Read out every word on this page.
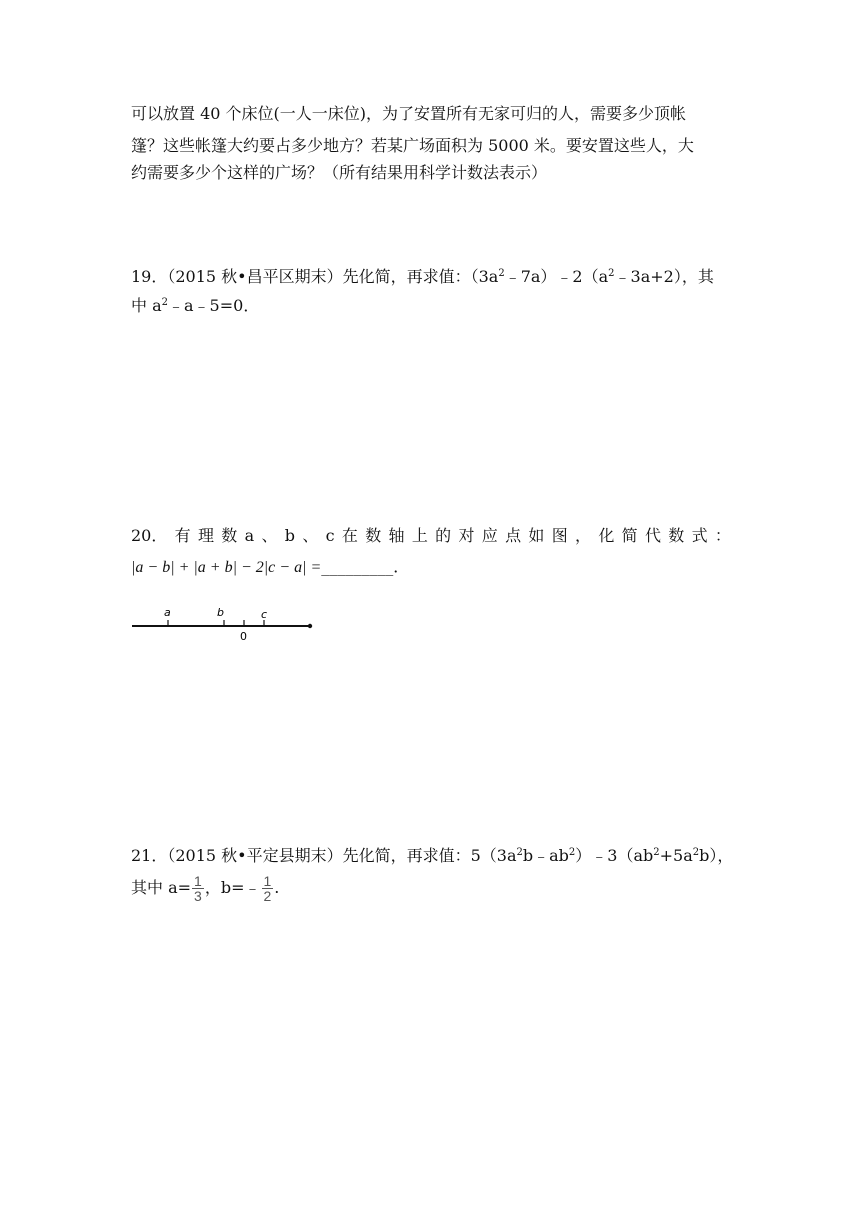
可以放置 40 个床位(一人一床位)，为了安置所有无家可归的人，需要多少顶帐
篷？这些帐篷大约要占多少地方？若某广场面积为 5000 米。要安置这些人，大
约需要多少个这样的广场？（所有结果用科学计数法表示）
19．（2015 秋•昌平区期末）先化简，再求值：$(3a^2﹣7a)﹣2(a^2﹣3a+2)$，其
中 $a^2﹣a﹣5=0$．
20． 有 理 数 a 、 b 、 c 在 数 轴 上 的 对 应 点 如 图 ， 化 简 代 数 式 ：
|a − b| + |a + b| − 2|c − a| =_________．
a	b	c
0
21．（2015 秋•平定县期末）先化简，再求值：$5(3a^2b﹣ab^2)﹣3(ab^2+5a^2b)$，
其中 $a= \frac{1}{3}$ ，b=﹣ $\frac{1}{2}$ .
